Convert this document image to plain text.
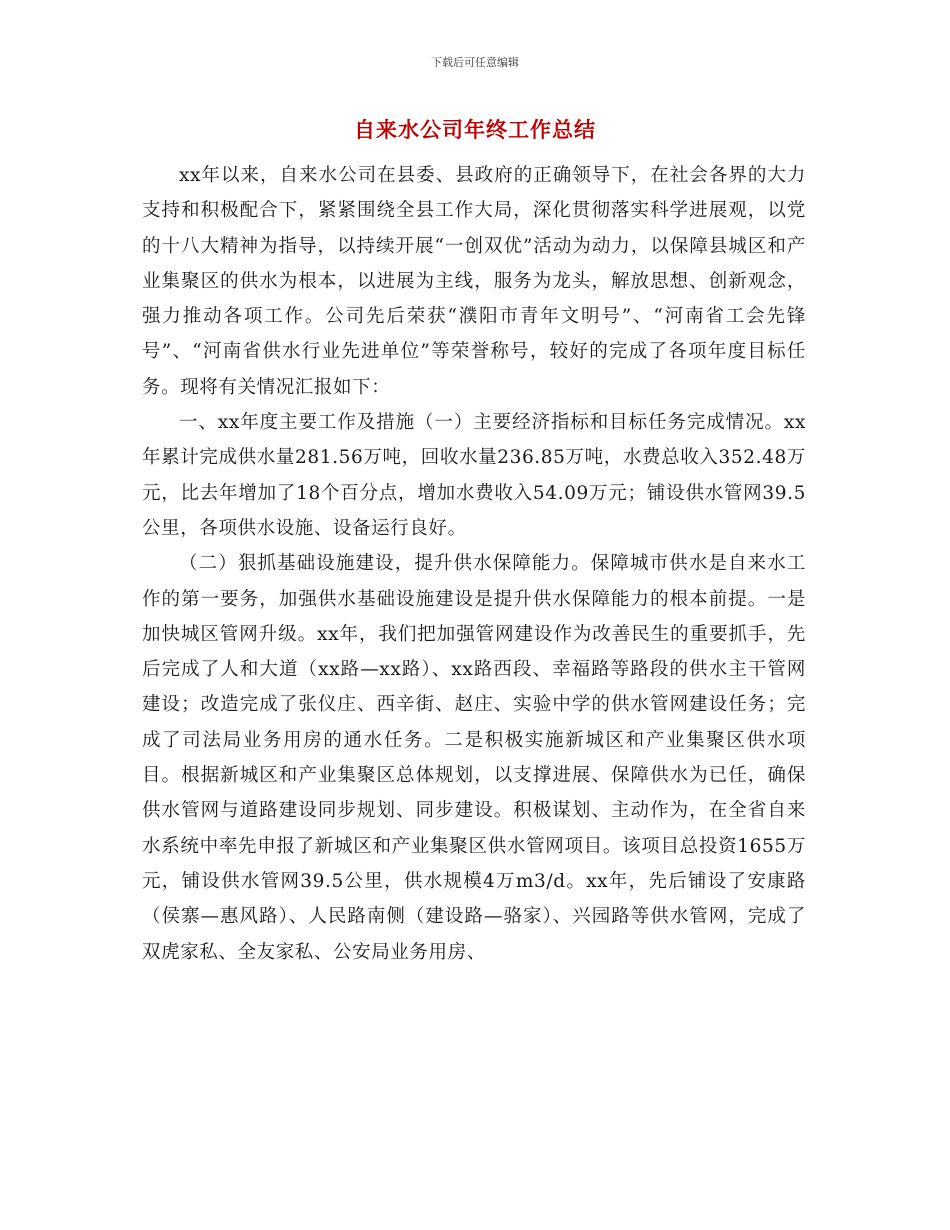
下载后可任意编辑
自来水公司年终工作总结

xx年以来，自来水公司在县委、县政府的正确领导下，在社会各界的大力支持和积极配合下，紧紧围绕全县工作大局，深化贯彻落实科学进展观，以党的十八大精神为指导，以持续开展“一创双优”活动为动力，以保障县城区和产业集聚区的供水为根本，以进展为主线，服务为龙头，解放思想、创新观念，强力推动各项工作。公司先后荣获“濮阳市青年文明号”、“河南省工会先锋号”、“河南省供水行业先进单位”等荣誉称号，较好的完成了各项年度目标任务。现将有关情况汇报如下：

一、xx年度主要工作及措施（一）主要经济指标和目标任务完成情况。xx年累计完成供水量281.56万吨，回收水量236.85万吨，水费总收入352.48万元，比去年增加了18个百分点，增加水费收入54.09万元；铺设供水管网39.5公里，各项供水设施、设备运行良好。

（二）狠抓基础设施建设，提升供水保障能力。保障城市供水是自来水工作的第一要务，加强供水基础设施建设是提升供水保障能力的根本前提。一是加快城区管网升级。xx年，我们把加强管网建设作为改善民生的重要抓手，先后完成了人和大道（xx路—xx路）、xx路西段、幸福路等路段的供水主干管网建设；改造完成了张仪庄、西辛街、赵庄、实验中学的供水管网建设任务；完成了司法局业务用房的通水任务。二是积极实施新城区和产业集聚区供水项目。根据新城区和产业集聚区总体规划，以支撑进展、保障供水为已任，确保供水管网与道路建设同步规划、同步建设。积极谋划、主动作为，在全省自来水系统中率先申报了新城区和产业集聚区供水管网项目。该项目总投资1655万元，铺设供水管网39.5公里，供水规模4万m3/d。xx年，先后铺设了安康路（侯寨—惠风路）、人民路南侧（建设路—骆家）、兴园路等供水管网，完成了双虎家私、全友家私、公安局业务用房、
